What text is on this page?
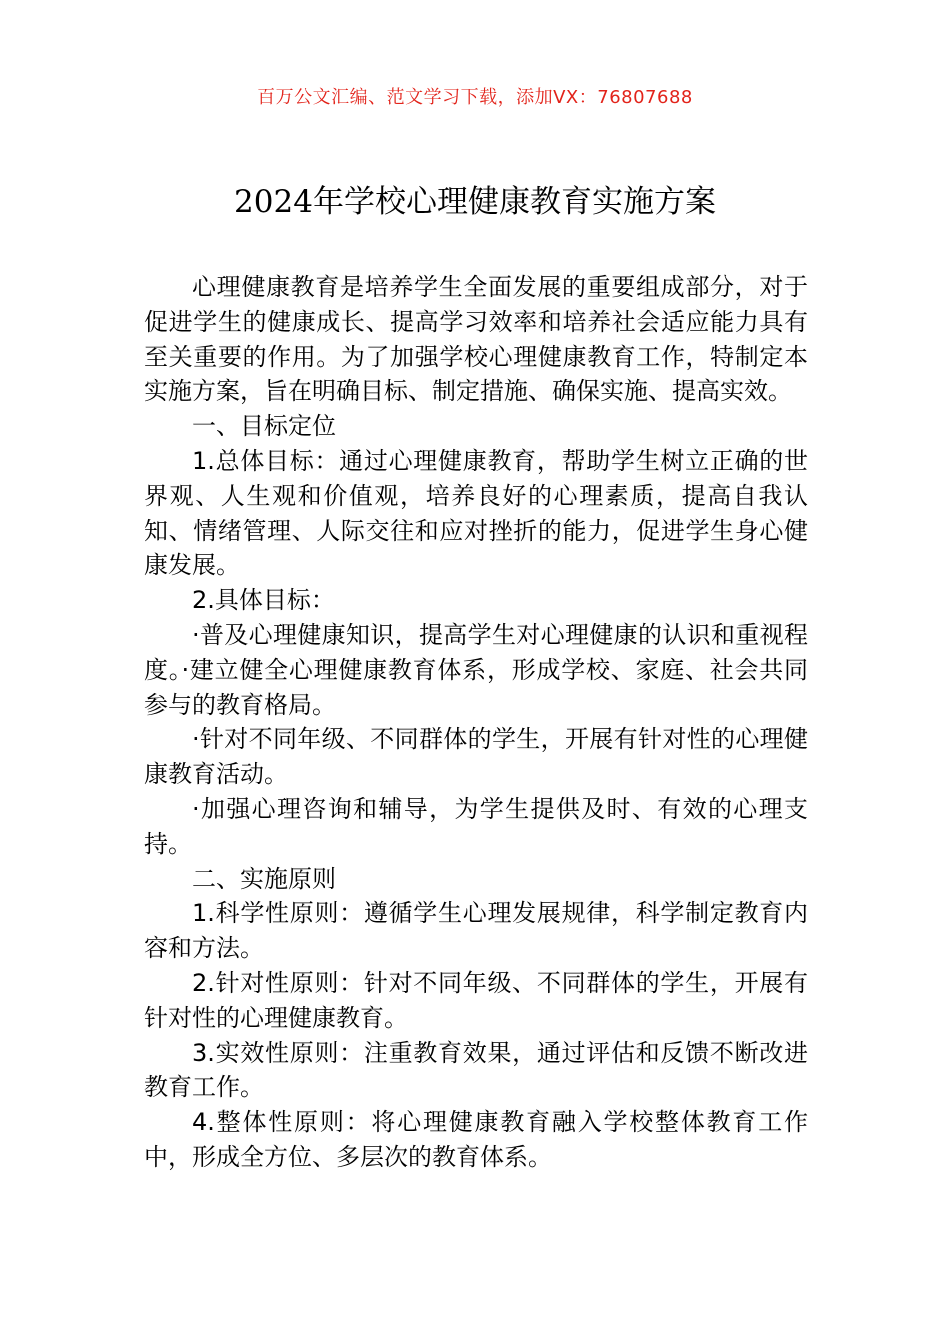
百万公文汇编、范文学习下载，添加VX：76807688
2024年学校心理健康教育实施方案

心理健康教育是培养学生全面发展的重要组成部分，对于促进学生的健康成长、提高学习效率和培养社会适应能力具有至关重要的作用。为了加强学校心理健康教育工作，特制定本实施方案，旨在明确目标、制定措施、确保实施、提高实效。

一、目标定位

1.总体目标：通过心理健康教育，帮助学生树立正确的世界观、人生观和价值观，培养良好的心理素质，提高自我认知、情绪管理、人际交往和应对挫折的能力，促进学生身心健康发展。

2.具体目标：

·普及心理健康知识，提高学生对心理健康的认识和重视程度。·建立健全心理健康教育体系，形成学校、家庭、社会共同参与的教育格局。

·针对不同年级、不同群体的学生，开展有针对性的心理健康教育活动。

·加强心理咨询和辅导，为学生提供及时、有效的心理支持。

二、实施原则

1.科学性原则：遵循学生心理发展规律，科学制定教育内容和方法。

2.针对性原则：针对不同年级、不同群体的学生，开展有针对性的心理健康教育。

3.实效性原则：注重教育效果，通过评估和反馈不断改进教育工作。

4.整体性原则：将心理健康教育融入学校整体教育工作中，形成全方位、多层次的教育体系。
